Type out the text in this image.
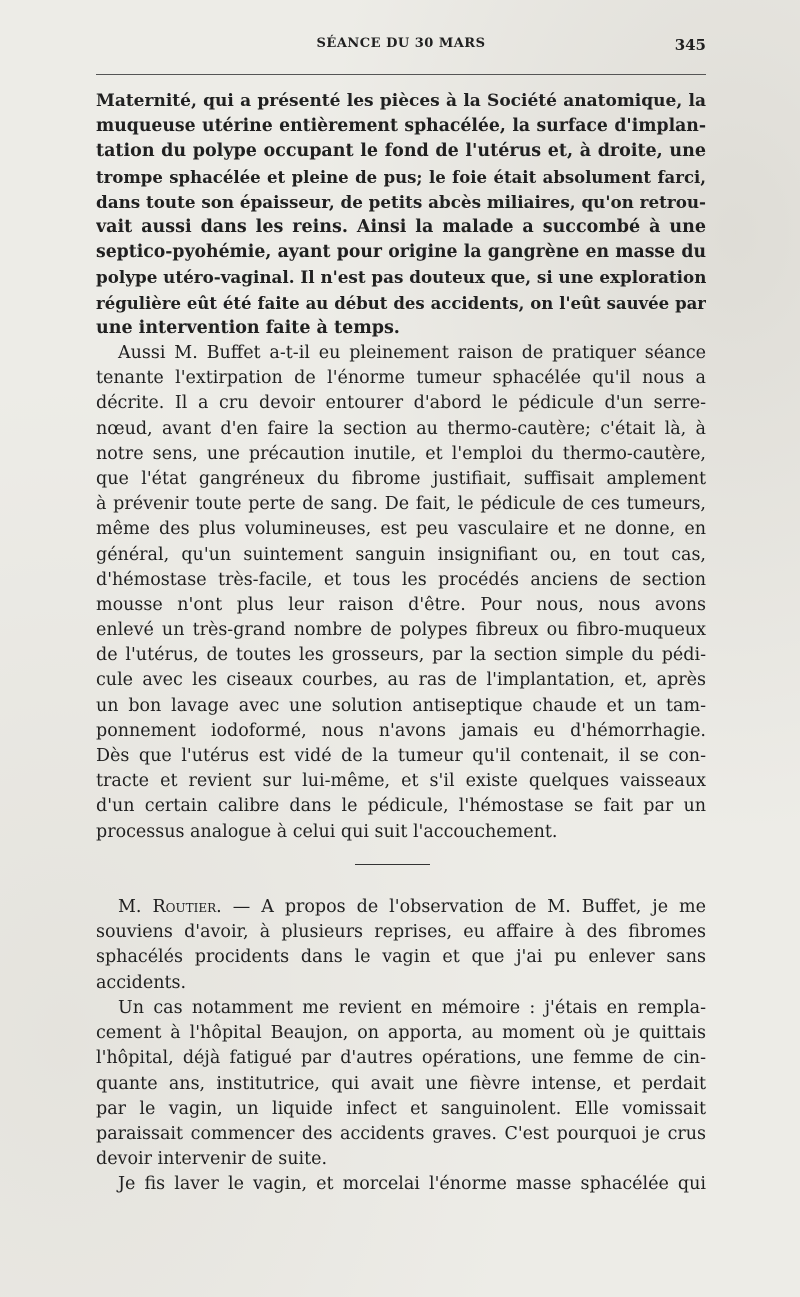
SÉANCE DU 30 MARS	345
Maternité, qui a présenté les pièces à la Société anatomique, la
muqueuse utérine entièrement sphacélée, la surface d'implan-
tation du polype occupant le fond de l'utérus et, à droite, une
trompe sphacélée et pleine de pus; le foie était absolument farci,
dans toute son épaisseur, de petits abcès miliaires, qu'on retrou-
vait aussi dans les reins. Ainsi la malade a succombé à une
septico-pyohémie, ayant pour origine la gangrène en masse du
polype utéro-vaginal. Il n'est pas douteux que, si une exploration
régulière eût été faite au début des accidents, on l'eût sauvée par
une intervention faite à temps.
Aussi M. Buffet a-t-il eu pleinement raison de pratiquer séance
tenante l'extirpation de l'énorme tumeur sphacélée qu'il nous a
décrite. Il a cru devoir entourer d'abord le pédicule d'un serre-
nœud, avant d'en faire la section au thermo-cautère; c'était là, à
notre sens, une précaution inutile, et l'emploi du thermo-cautère,
que l'état gangréneux du fibrome justifiait, suffisait amplement
à prévenir toute perte de sang. De fait, le pédicule de ces tumeurs,
même des plus volumineuses, est peu vasculaire et ne donne, en
général, qu'un suintement sanguin insignifiant ou, en tout cas,
d'hémostase très-facile, et tous les procédés anciens de section
mousse n'ont plus leur raison d'être. Pour nous, nous avons
enlevé un très-grand nombre de polypes fibreux ou fibro-muqueux
de l'utérus, de toutes les grosseurs, par la section simple du pédi-
cule avec les ciseaux courbes, au ras de l'implantation, et, après
un bon lavage avec une solution antiseptique chaude et un tam-
ponnement iodoformé, nous n'avons jamais eu d'hémorrhagie.
Dès que l'utérus est vidé de la tumeur qu'il contenait, il se con-
tracte et revient sur lui-même, et s'il existe quelques vaisseaux
d'un certain calibre dans le pédicule, l'hémostase se fait par un
processus analogue à celui qui suit l'accouchement.
M. Routier. — A propos de l'observation de M. Buffet, je me
souviens d'avoir, à plusieurs reprises, eu affaire à des fibromes
sphacélés procidents dans le vagin et que j'ai pu enlever sans
accidents.
Un cas notamment me revient en mémoire : j'étais en rempla-
cement à l'hôpital Beaujon, on apporta, au moment où je quittais
l'hôpital, déjà fatigué par d'autres opérations, une femme de cin-
quante ans, institutrice, qui avait une fièvre intense, et perdait
par le vagin, un liquide infect et sanguinolent. Elle vomissait
paraissait commencer des accidents graves. C'est pourquoi je crus
devoir intervenir de suite.
Je fis laver le vagin, et morcelai l'énorme masse sphacélée qui
